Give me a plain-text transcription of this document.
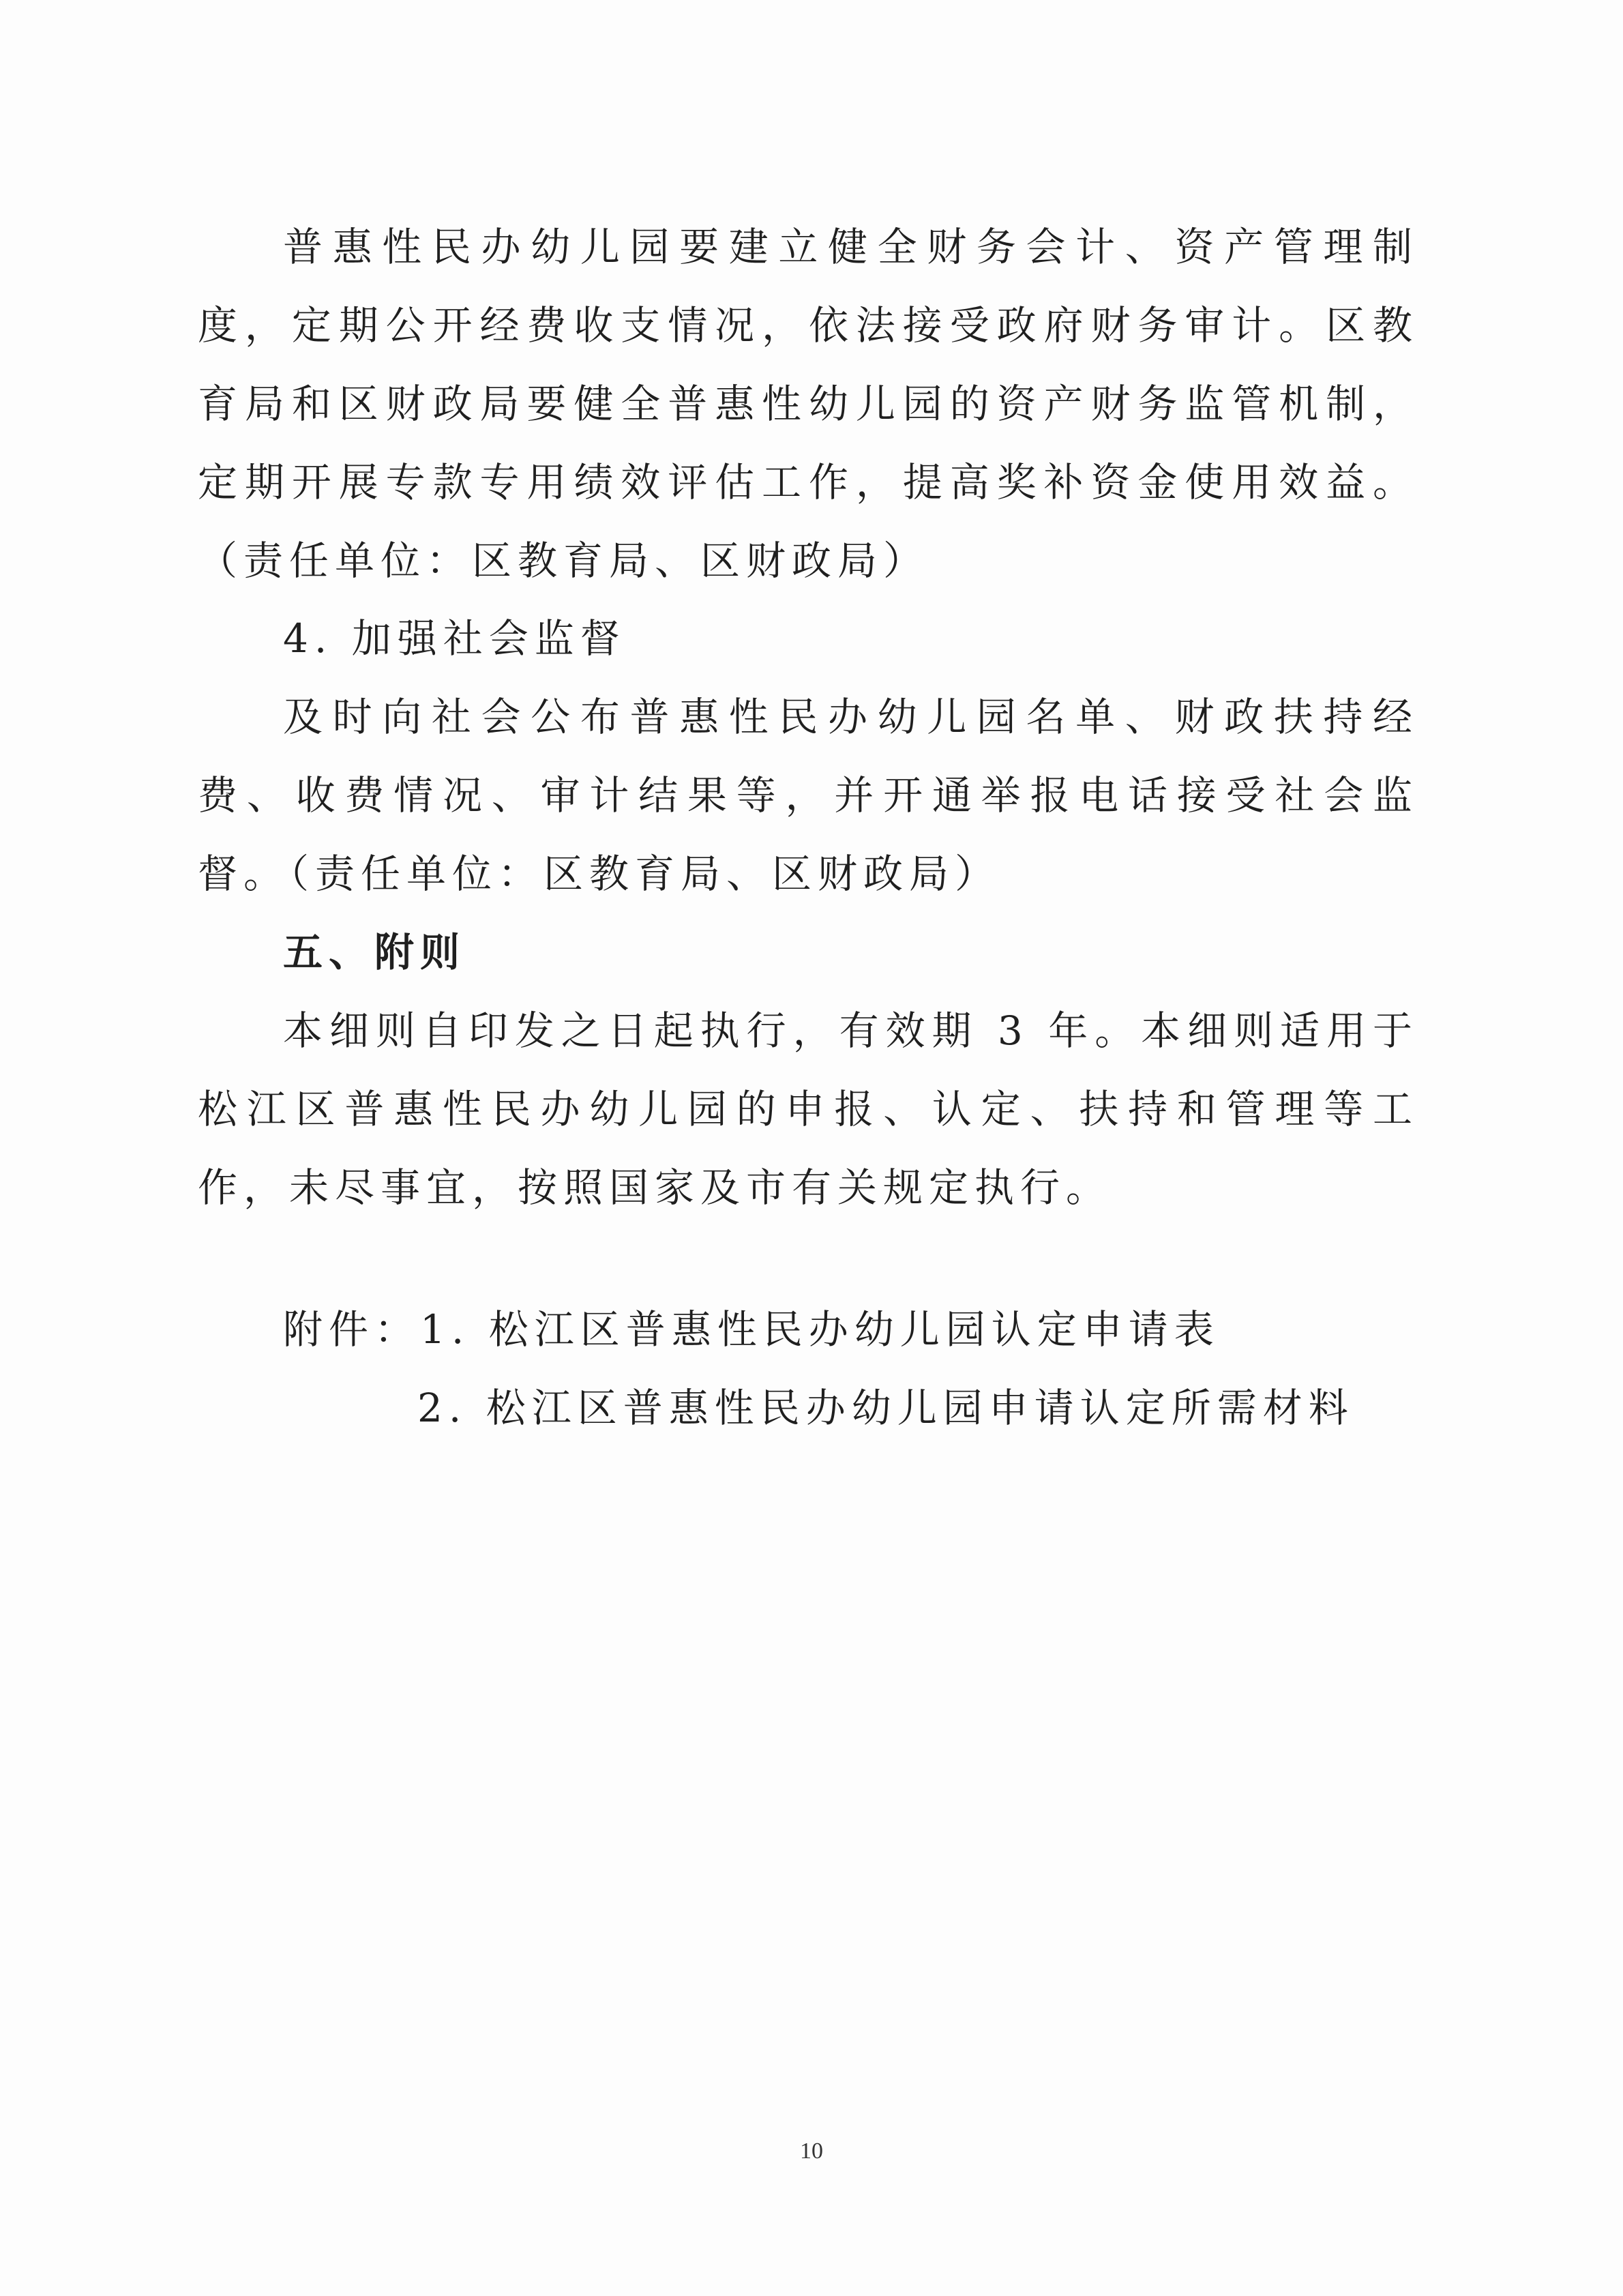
普惠性民办幼儿园要建立健全财务会计、资产管理制度，定期公开经费收支情况，依法接受政府财务审计。区教育局和区财政局要健全普惠性幼儿园的资产财务监管机制，定期开展专款专用绩效评估工作，提高奖补资金使用效益。（责任单位：区教育局、区财政局）

4. 加强社会监督

及时向社会公布普惠性民办幼儿园名单、财政扶持经费、收费情况、审计结果等，并开通举报电话接受社会监督。（责任单位：区教育局、区财政局）

五、附则

本细则自印发之日起执行，有效期 3 年。本细则适用于松江区普惠性民办幼儿园的申报、认定、扶持和管理等工作，未尽事宜，按照国家及市有关规定执行。

附件：1. 松江区普惠性民办幼儿园认定申请表

2. 松江区普惠性民办幼儿园申请认定所需材料

10
